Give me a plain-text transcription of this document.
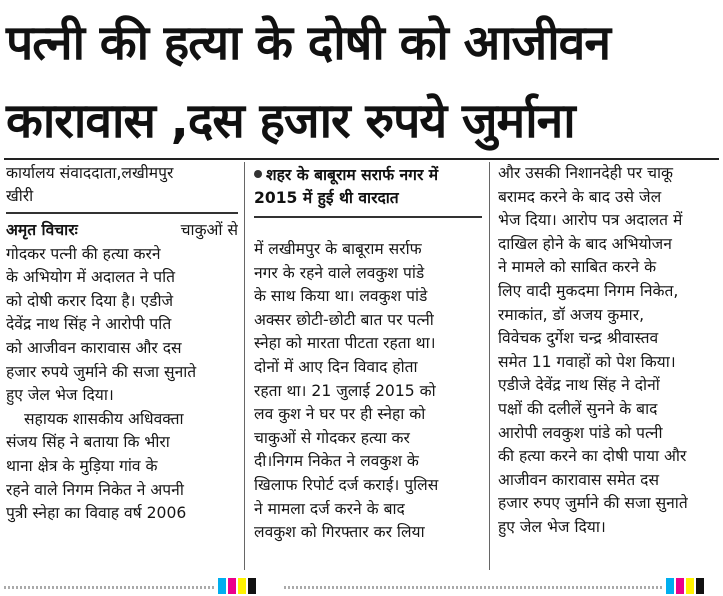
पत्नी की हत्या के दोषी को आजीवन
कारावास ,दस हजार रुपये जुर्माना
कार्यालय संवाददाता,लखीमपुर
खीरी
अमृत विचारः	चाकुओं से
गोदकर पत्नी की हत्या करने
के अभियोग में अदालत ने पति
को दोषी करार दिया है। एडीजे
देवेंद्र नाथ सिंह ने आरोपी पति
को आजीवन कारावास और दस
हजार रुपये जुर्माने की सजा सुनाते
हुए जेल भेज दिया।
सहायक शासकीय अधिवक्ता
संजय सिंह ने बताया कि भीरा
थाना क्षेत्र के मुड़िया गांव के
रहने वाले निगम निकेत ने अपनी
पुत्री स्नेहा का विवाह वर्ष 2006
शहर के बाबूराम सरार्फ नगर में 2015 में हुई थी वारदात
में लखीमपुर के बाबूराम सर्राफ
नगर के रहने वाले लवकुश पांडे
के साथ किया था। लवकुश पांडे
अक्सर छोटी-छोटी बात पर पत्नी
स्नेहा को मारता पीटता रहता था।
दोनों में आए दिन विवाद होता
रहता था। 21 जुलाई 2015 को
लव कुश ने घर पर ही स्नेहा को
चाकुओं से गोदकर हत्या कर
दी।निगम निकेत ने लवकुश के
खिलाफ रिपोर्ट दर्ज कराई। पुलिस
ने मामला दर्ज करने के बाद
लवकुश को गिरफ्तार कर लिया
और उसकी निशानदेही पर चाकू
बरामद करने के बाद उसे जेल
भेज दिया। आरोप पत्र अदालत में
दाखिल होने के बाद अभियोजन
ने मामले को साबित करने के
लिए वादी मुकदमा निगम निकेत,
रमाकांत, डॉ अजय कुमार,
विवेचक दुर्गेश चन्द्र श्रीवास्तव
समेत 11 गवाहों को पेश किया।
एडीजे देवेंद्र नाथ सिंह ने दोनों
पक्षों की दलीलें सुनने के बाद
आरोपी लवकुश पांडे को पत्नी
की हत्या करने का दोषी पाया और
आजीवन कारावास समेत दस
हजार रुपए जुर्माने की सजा सुनाते
हुए जेल भेज दिया।
